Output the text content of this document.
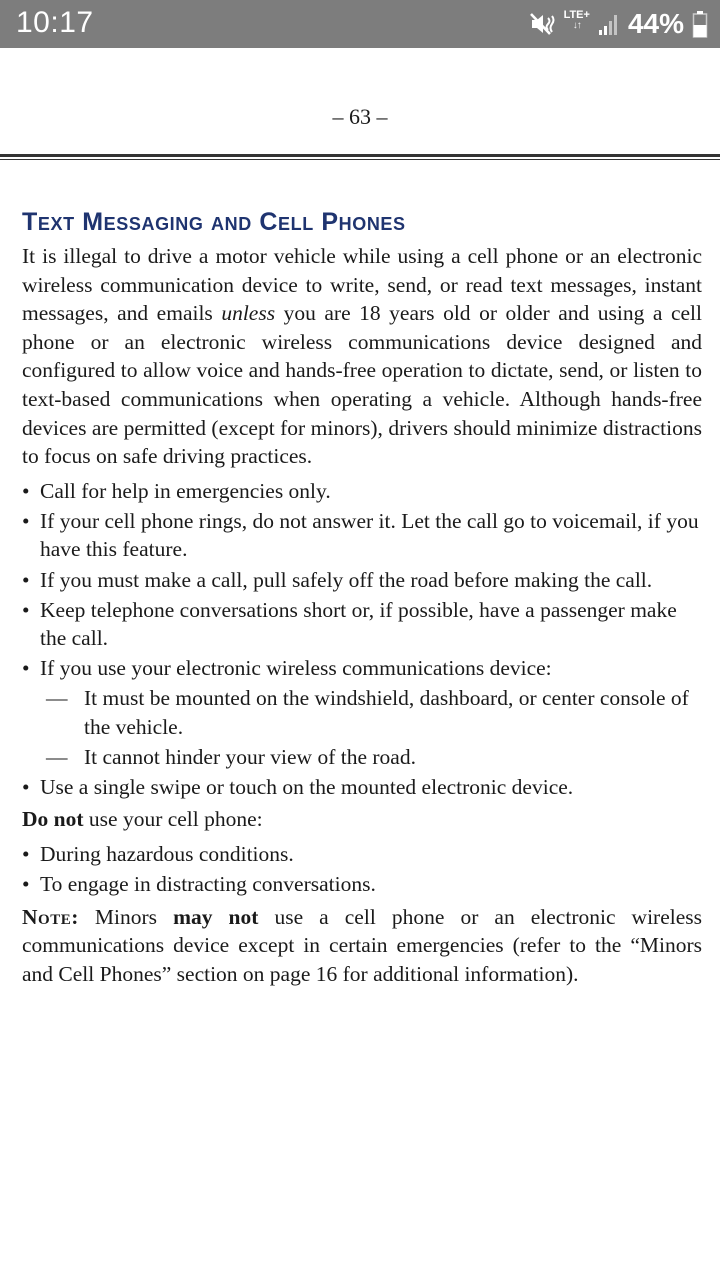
10:17	LTE+
↓↑	44%
– 63 –
Text Messaging and Cell Phones

It is illegal to drive a motor vehicle while using a cell phone or an electronic wireless communication device to write, send, or read text messages, instant messages, and emails unless you are 18 years old or older and using a cell phone or an electronic wireless communications device designed and configured to allow voice and hands-free operation to dictate, send, or listen to text-based communications when operating a vehicle. Although hands-free devices are permitted (except for minors), drivers should minimize distractions to focus on safe driving practices.

• Call for help in emergencies only.
• If your cell phone rings, do not answer it. Let the call go to voicemail, if you have this feature.
• If you must make a call, pull safely off the road before making the call.
• Keep telephone conversations short or, if possible, have a passenger make the call.
• If you use your electronic wireless communications device:
— It must be mounted on the windshield, dashboard, or center console of the vehicle.
— It cannot hinder your view of the road.
• Use a single swipe or touch on the mounted electronic device.

Do not use your cell phone:

• During hazardous conditions.
• To engage in distracting conversations.

Note: Minors may not use a cell phone or an electronic wireless communications device except in certain emergencies (refer to the “Minors and Cell Phones” section on page 16 for additional information).
